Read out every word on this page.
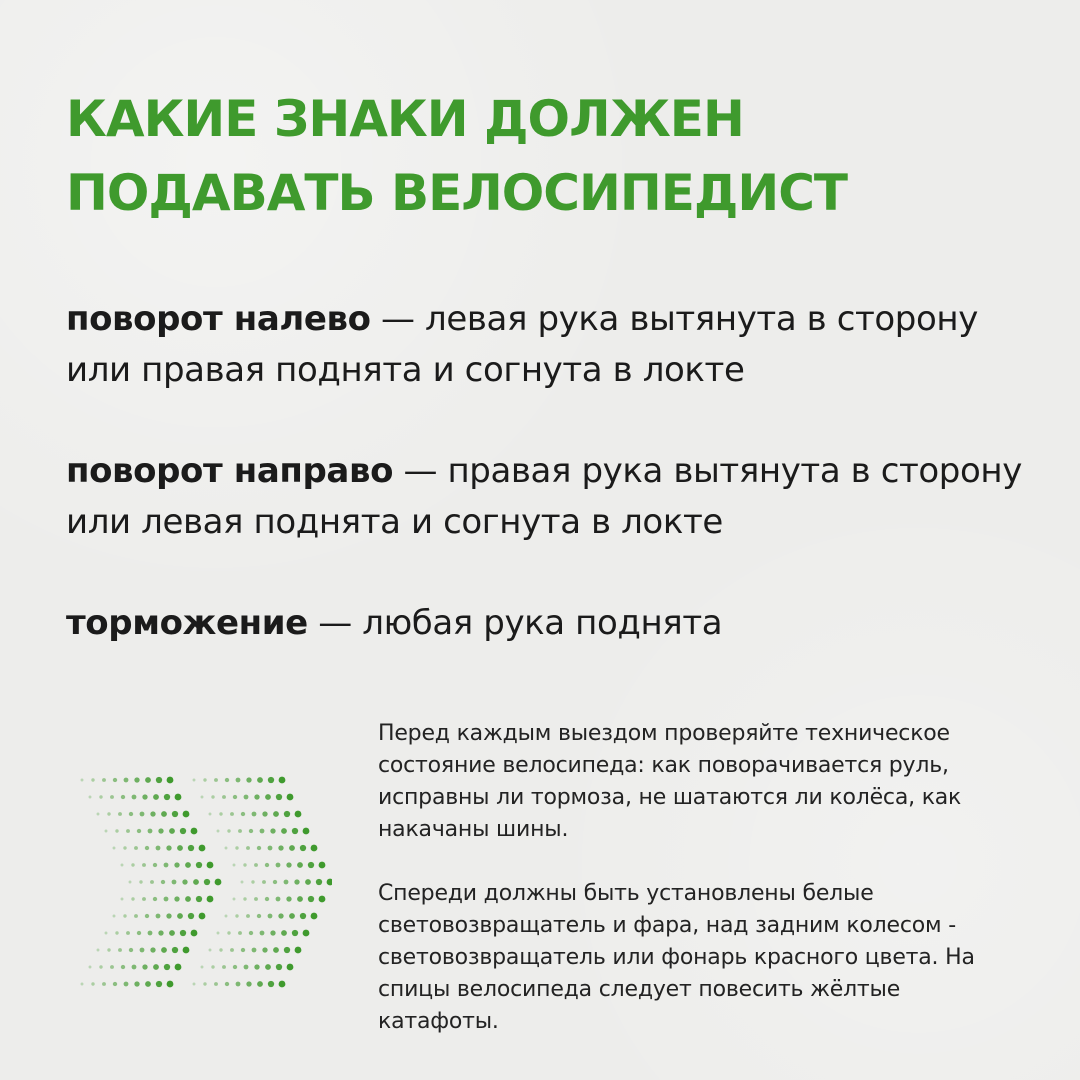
КАКИЕ ЗНАКИ ДОЛЖЕН ПОДАВАТЬ ВЕЛОСИПЕДИСТ

поворот налево — левая рука вытянута в сторону или правая поднята и согнута в локте

поворот направо — правая рука вытянута в сторону или левая поднята и согнута в локте

торможение — любая рука поднята

Перед каждым выездом проверяйте техническое состояние велосипеда: как поворачивается руль, исправны ли тормоза, не шатаются ли колёса, как накачаны шины.

Спереди должны быть установлены белые световозвращатель и фара, над задним колесом - световозвращатель или фонарь красного цвета. На спицы велосипеда следует повесить жёлтые катафоты.
